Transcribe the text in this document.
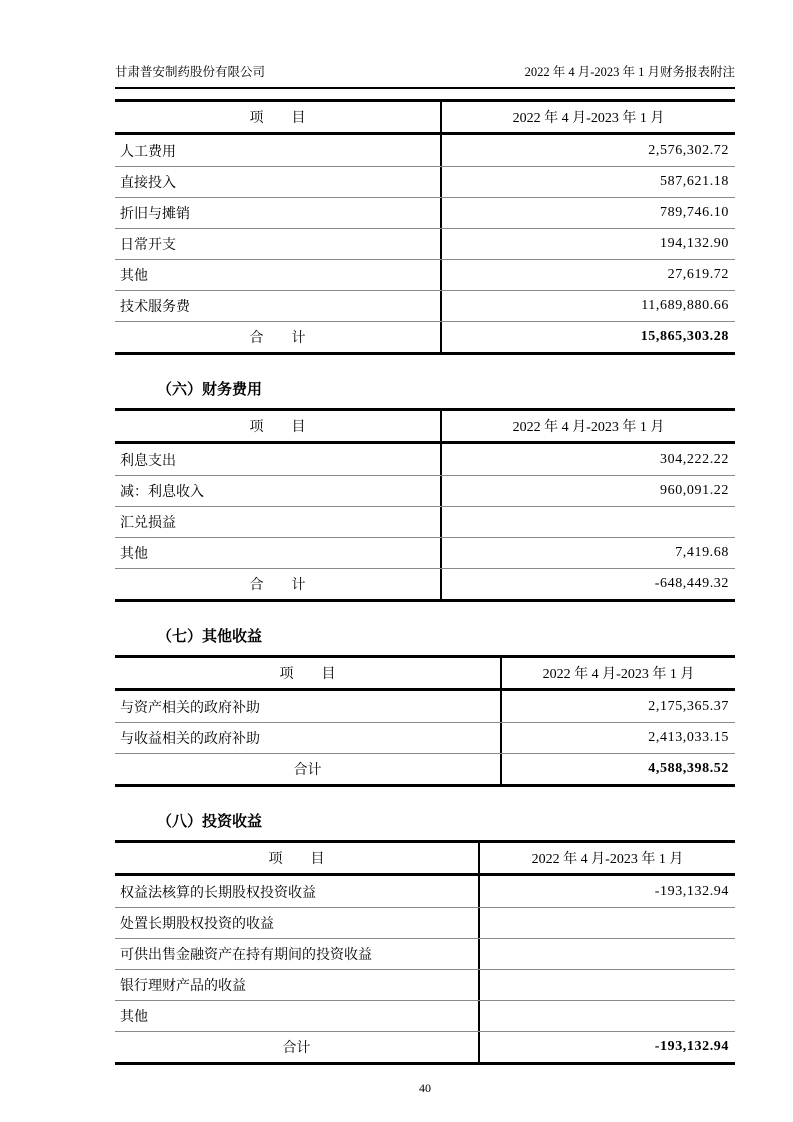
甘肃普安制药股份有限公司	2022 年 4 月-2023 年 1 月财务报表附注
项　　目	2022 年 4 月-2023 年 1 月
人工费用	2,576,302.72
直接投入	587,621.18
折旧与摊销	789,746.10
日常开支	194,132.90
其他	27,619.72
技术服务费	11,689,880.66
合　　计	15,865,303.28
（六）财务费用
项　　目	2022 年 4 月-2023 年 1 月
利息支出	304,222.22
减：利息收入	960,091.22
汇兑损益
其他	7,419.68
合　　计	-648,449.32
（七）其他收益
项　　目	2022 年 4 月-2023 年 1 月
与资产相关的政府补助	2,175,365.37
与收益相关的政府补助	2,413,033.15
合计	4,588,398.52
（八）投资收益
项　　目	2022 年 4 月-2023 年 1 月
权益法核算的长期股权投资收益	-193,132.94
处置长期股权投资的收益
可供出售金融资产在持有期间的投资收益
银行理财产品的收益
其他
合计	-193,132.94
40
